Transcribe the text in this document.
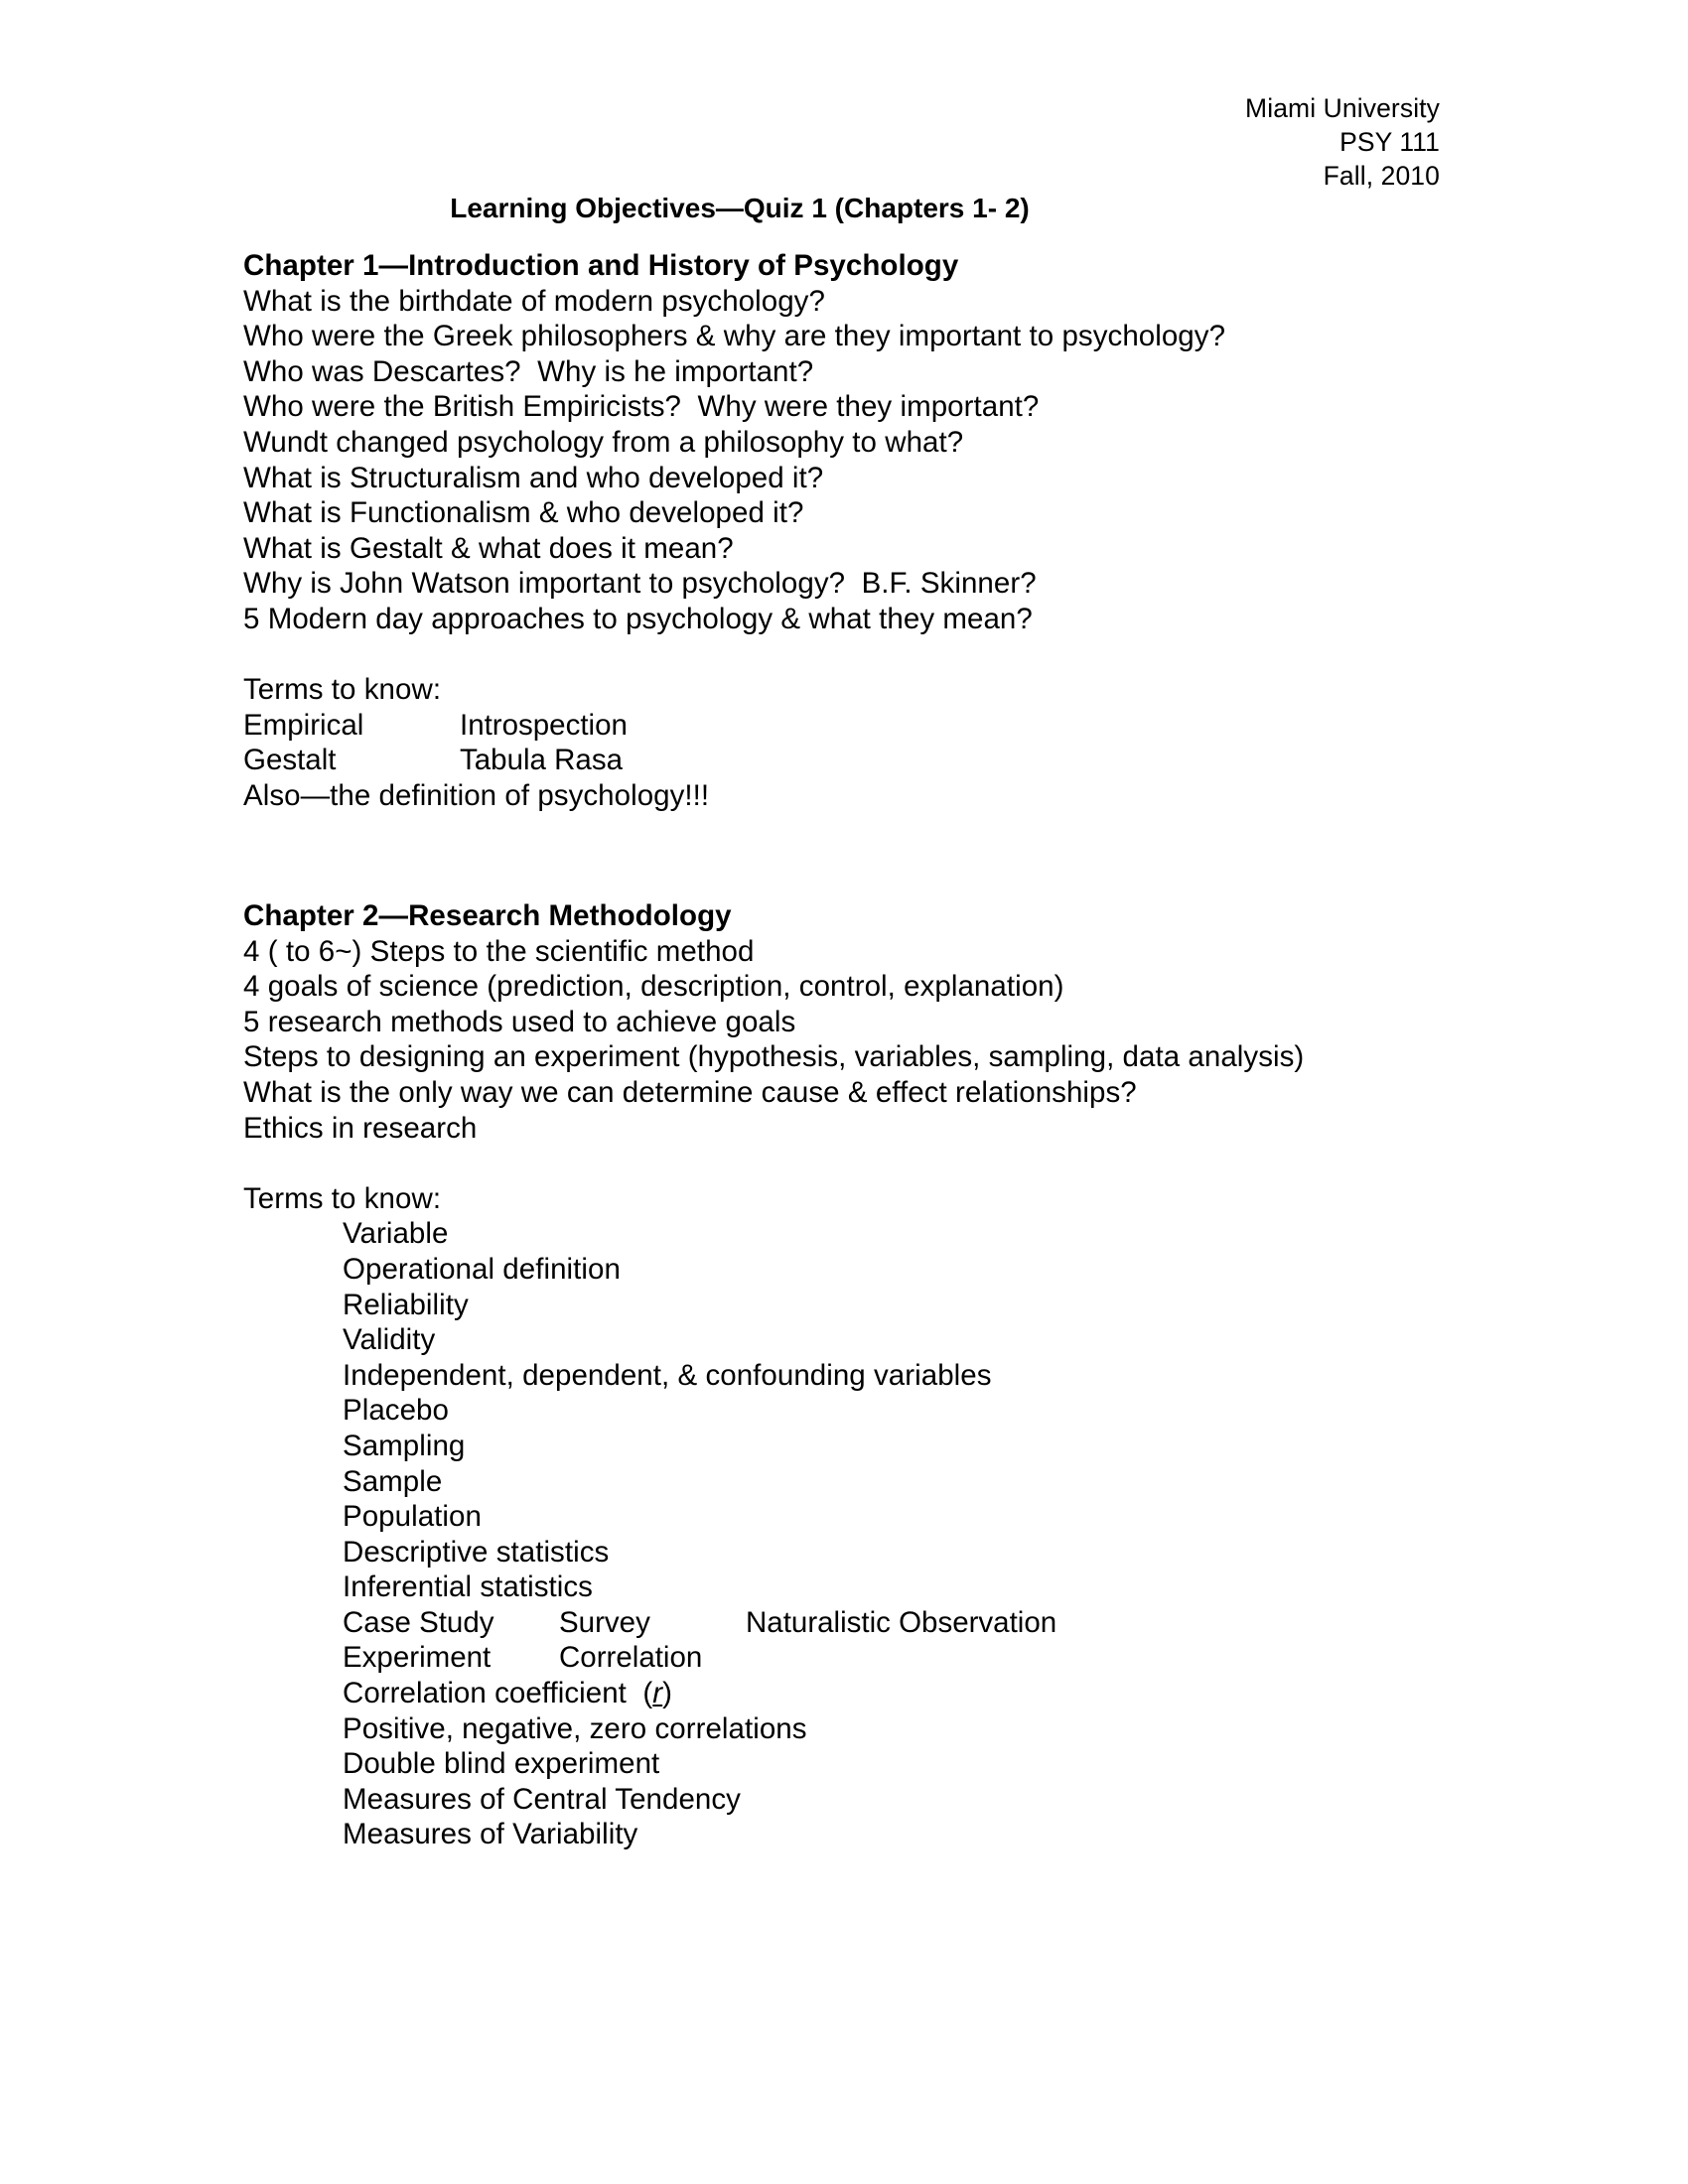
Miami University
PSY 111
Fall, 2010
Learning Objectives—Quiz 1 (Chapters 1- 2)
Chapter 1—Introduction and History of Psychology
What is the birthdate of modern psychology?
Who were the Greek philosophers & why are they important to psychology?
Who was Descartes?  Why is he important?
Who were the British Empiricists?  Why were they important?
Wundt changed psychology from a philosophy to what?
What is Structuralism and who developed it?
What is Functionalism & who developed it?
What is Gestalt & what does it mean?
Why is John Watson important to psychology?  B.F. Skinner?
5 Modern day approaches to psychology & what they mean?
Terms to know:
Empirical	Introspection
Gestalt	Tabula Rasa
Also—the definition of psychology!!!
Chapter 2—Research Methodology
4 ( to 6~) Steps to the scientific method
4 goals of science (prediction, description, control, explanation)
5 research methods used to achieve goals
Steps to designing an experiment (hypothesis, variables, sampling, data analysis)
What is the only way we can determine cause & effect relationships?
Ethics in research
Terms to know:
Variable
Operational definition
Reliability
Validity
Independent, dependent, & confounding variables
Placebo
Sampling
Sample
Population
Descriptive statistics
Inferential statistics
Case Study	Survey	Naturalistic Observation
Experiment	Correlation
Correlation coefficient  (r)
Positive, negative, zero correlations
Double blind experiment
Measures of Central Tendency
Measures of Variability
